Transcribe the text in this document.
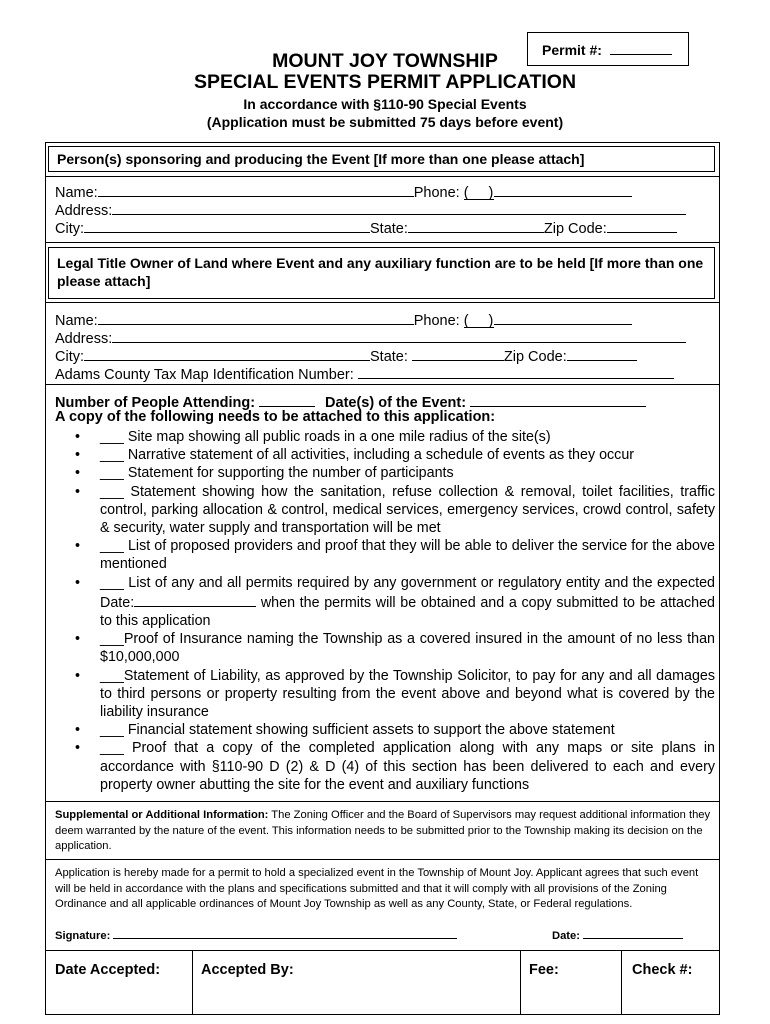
Permit #:
MOUNT JOY TOWNSHIP
SPECIAL EVENTS PERMIT APPLICATION
In accordance with §110-90 Special Events
(Application must be submitted 75 days before event)
Person(s) sponsoring and producing the Event [If more than one please attach]
Name:	Phone: ( )
Address:
City:	State:	Zip Code:
Legal Title Owner of Land where Event and any auxiliary function are to be held [If more than one please attach]
Name:	Phone: ( )
Address:
City:	State:	Zip Code:
Adams County Tax Map Identification Number:
Number of People Attending:	Date(s) of the Event:
A copy of the following needs to be attached to this application:
• ___ Site map showing all public roads in a one mile radius of the site(s)
• ___ Narrative statement of all activities, including a schedule of events as they occur
• ___ Statement for supporting the number of participants
• ___ Statement showing how the sanitation, refuse collection & removal, toilet facilities, traffic control, parking allocation & control, medical services, emergency services, crowd control, safety & security, water supply and transportation will be met
• ___ List of proposed providers and proof that they will be able to deliver the service for the above mentioned
• ___ List of any and all permits required by any government or regulatory entity and the expected Date:	when the permits will be obtained and a copy submitted to be attached to this application
• ___Proof of Insurance naming the Township as a covered insured in the amount of no less than $10,000,000
• ___Statement of Liability, as approved by the Township Solicitor, to pay for any and all damages to third persons or property resulting from the event above and beyond what is covered by the liability insurance
• ___ Financial statement showing sufficient assets to support the above statement
• ___ Proof that a copy of the completed application along with any maps or site plans in accordance with §110-90 D (2) & D (4) of this section has been delivered to each and every property owner abutting the site for the event and auxiliary functions
Supplemental or Additional Information: The Zoning Officer and the Board of Supervisors may request additional information they deem warranted by the nature of the event. This information needs to be submitted prior to the Township making its decision on the application.
Application is hereby made for a permit to hold a specialized event in the Township of Mount Joy. Applicant agrees that such event will be held in accordance with the plans and specifications submitted and that it will comply with all provisions of the Zoning Ordinance and all applicable ordinances of Mount Joy Township as well as any County, State, or Federal regulations.
Signature:	Date:
Date Accepted:	Accepted By:	Fee:	Check #:
